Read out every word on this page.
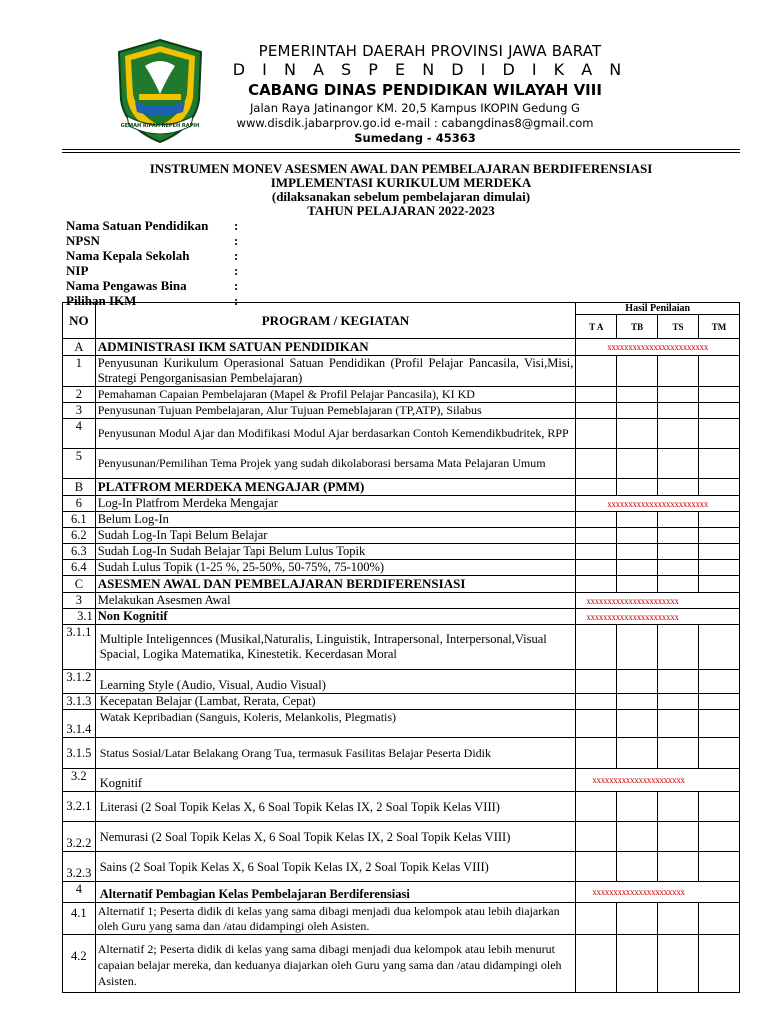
GEMAH RIPAH REPEH RAPIH
PEMERINTAH DAERAH PROVINSI JAWA BARAT
D I N A S P E N D I D I K A N
CABANG DINAS PENDIDIKAN WILAYAH VIII
Jalan Raya Jatinangor KM. 20,5 Kampus IKOPIN Gedung G
www.disdik.jabarprov.go.id e-mail : cabangdinas8@gmail.com
Sumedang - 45363
INSTRUMEN MONEV ASESMEN AWAL DAN PEMBELAJARAN BERDIFERENSIASI
IMPLEMENTASI KURIKULUM MERDEKA
(dilaksanakan sebelum pembelajaran dimulai)
TAHUN PELAJARAN 2022-2023
Nama Satuan Pendidikan	:
NPSN	:
Nama Kepala Sekolah	:
NIP	:
Nama Pengawas Bina	:
Pilihan IKM	:
NO	PROGRAM / KEGIATAN	Hasil Penilaian			
		T A	TB	TS	TM
A	ADMINISTRASI IKM SATUAN PENDIDIKAN	xxxxxxxxxxxxxxxxxxxxxxxx			
1	Penyusunan Kurikulum Operasional Satuan Pendidikan (Profil Pelajar Pancasila, Visi,Misi, Strategi Pengorganisasian Pembelajaran)				
2	Pemahaman Capaian Pembelajaran (Mapel & Profil Pelajar Pancasila), KI KD				
3	Penyusunan Tujuan Pembelajaran, Alur Tujuan Pemeblajaran (TP,ATP), Silabus				
4	Penyusunan Modul Ajar dan Modifikasi Modul Ajar berdasarkan Contoh Kemendikbudritek, RPP				
5	Penyusunan/Pemilihan Tema Projek yang sudah dikolaborasi bersama Mata Pelajaran Umum				
B	PLATFROM MERDEKA MENGAJAR (PMM)				
6	Log-In Platfrom Merdeka Mengajar	xxxxxxxxxxxxxxxxxxxxxxxx			
6.1	Belum Log-In				
6.2	Sudah Log-In Tapi Belum Belajar				
6.3	Sudah Log-In Sudah Belajar Tapi Belum Lulus Topik				
6.4	Sudah Lulus Topik (1-25 %, 25-50%, 50-75%, 75-100%)				
C	ASESMEN AWAL DAN PEMBELAJARAN BERDIFERENSIASI				
3	Melakukan Asesmen Awal	xxxxxxxxxxxxxxxxxxxxxx			
3.1	Non Kognitif	xxxxxxxxxxxxxxxxxxxxxx			
3.1.1	Multiple Inteligennces (Musikal,Naturalis, Linguistik, Intrapersonal, Interpersonal,Visual Spacial, Logika Matematika, Kinestetik. Kecerdasan Moral				
3.1.2	Learning Style (Audio, Visual, Audio Visual)				
3.1.3	Kecepatan Belajar (Lambat, Rerata, Cepat)				
3.1.4	Watak Kepribadian (Sanguis, Koleris, Melankolis, Plegmatis)				
3.1.5	Status Sosial/Latar Belakang Orang Tua, termasuk Fasilitas Belajar Peserta Didik				
3.2	Kognitif	xxxxxxxxxxxxxxxxxxxxxx			
3.2.1	Literasi (2 Soal Topik Kelas X, 6 Soal Topik Kelas IX, 2 Soal Topik Kelas VIII)				
3.2.2	Nemurasi (2 Soal Topik Kelas X, 6 Soal Topik Kelas IX, 2 Soal Topik Kelas VIII)				
3.2.3	Sains (2 Soal Topik Kelas X, 6 Soal Topik Kelas IX, 2 Soal Topik Kelas VIII)				
4	Alternatif Pembagian Kelas Pembelajaran Berdiferensiasi	xxxxxxxxxxxxxxxxxxxxxx			
4.1	Alternatif 1; Peserta didik di kelas yang sama dibagi menjadi dua kelompok atau lebih diajarkan oleh Guru yang sama dan /atau didampingi oleh Asisten.				
4.2	Alternatif 2; Peserta didik di kelas yang sama dibagi menjadi dua kelompok atau lebih menurut capaian belajar mereka, dan keduanya diajarkan oleh Guru yang sama dan /atau didampingi oleh Asisten.				
